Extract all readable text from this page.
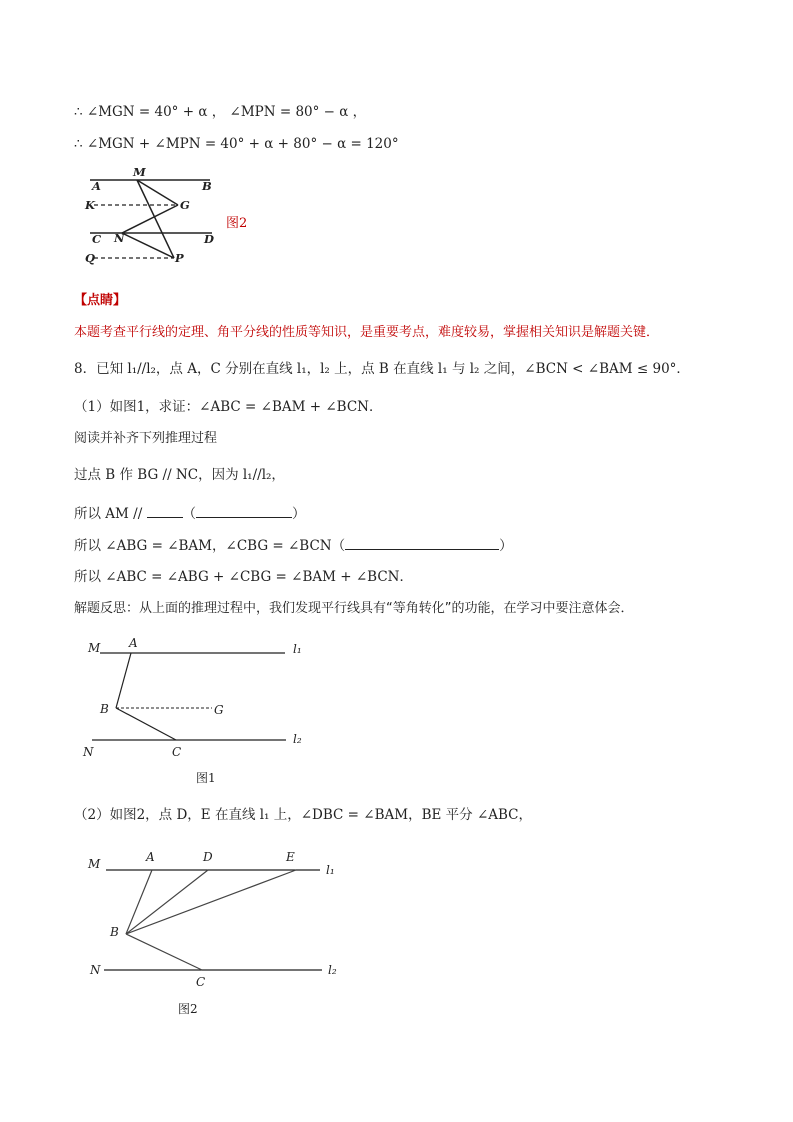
∴ ∠MGN = 40° + α ， ∠MPN = 80° − α ，
∴ ∠MGN + ∠MPN = 40° + α + 80° − α = 120°
M
A	B
K	G
C N	D
Q	P
图2
【点睛】
本题考查平行线的定理、角平分线的性质等知识，是重要考点，难度较易，掌握相关知识是解题关键．
8．已知 l₁//l₂，点 A，C 分别在直线 l₁，l₂ 上，点 B 在直线 l₁ 与 l₂ 之间，∠BCN < ∠BAM ≤ 90°．
（1）如图1，求证：∠ABC = ∠BAM + ∠BCN．
阅读并补齐下列推理过程
过点 B 作 BG // NC，因为 l₁//l₂，
所以 AM //	（	）
所以 ∠ABG = ∠BAM，∠CBG = ∠BCN（	）
所以 ∠ABC = ∠ABG + ∠CBG = ∠BAM + ∠BCN．
解题反思：从上面的推理过程中，我们发现平行线具有“等角转化”的功能，在学习中要注意体会．
M A	l₁
B	G
N	C
l₂
图1
（2）如图2，点 D，E 在直线 l₁ 上，∠DBC = ∠BAM，BE 平分 ∠ABC，
M	A	D	E
l₁
B
N
C
l₂
图2
